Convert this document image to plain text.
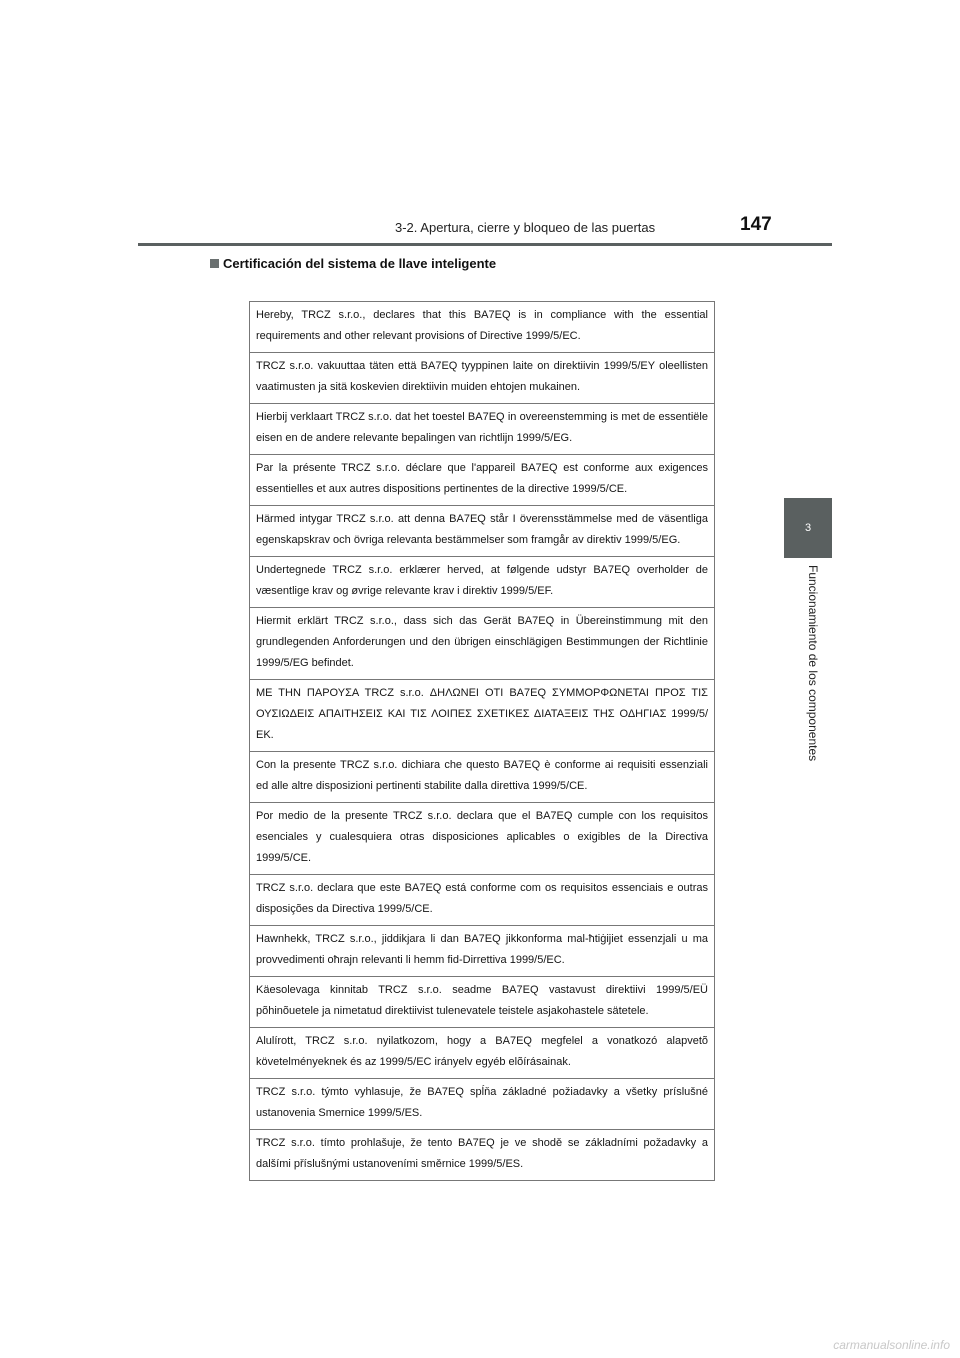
3-2. Apertura, cierre y bloqueo de las puertas	147
3
Funcionamiento de los componentes
Certificación del sistema de llave inteligente
Hereby, TRCZ s.r.o., declares that this BA7EQ is in compliance with the essential requirements and other relevant provisions of Directive 1999/5/EC.
TRCZ s.r.o. vakuuttaa täten että BA7EQ tyyppinen laite on direktiivin 1999/5/EY oleellisten vaatimusten ja sitä koskevien direktiivin muiden ehtojen mukainen.
Hierbij verklaart TRCZ s.r.o. dat het toestel BA7EQ in overeenstemming is met de essentiële eisen en de andere relevante bepalingen van richtlijn 1999/5/EG.
Par la présente TRCZ s.r.o. déclare que l'appareil BA7EQ est conforme aux exigences essentielles et aux autres dispositions pertinentes de la directive 1999/5/CE.
Härmed intygar TRCZ s.r.o. att denna BA7EQ står I överensstämmelse med de väsentliga egenskapskrav och övriga relevanta bestämmelser som framgår av direktiv 1999/5/EG.
Undertegnede TRCZ s.r.o. erklærer herved, at følgende udstyr BA7EQ overholder de væsentlige krav og øvrige relevante krav i direktiv 1999/5/EF.
Hiermit erklärt TRCZ s.r.o., dass sich das Gerät BA7EQ in Übereinstimmung mit den grundlegenden Anforderungen und den übrigen einschlägigen Bestimmungen der Richtlinie 1999/5/EG befindet.
ΜΕ ΤΗΝ ΠΑΡΟΥΣΑ TRCZ s.r.o. ΔΗΛΩΝΕΙ ΟΤΙ BA7EQ ΣΥΜΜΟΡΦΩΝΕΤΑΙ ΠΡΟΣ ΤΙΣ ΟΥΣΙΩΔΕΙΣ ΑΠΑΙΤΗΣΕΙΣ ΚΑΙ ΤΙΣ ΛΟΙΠΕΣ ΣΧΕΤΙΚΕΣ ΔΙΑΤΑΞΕΙΣ ΤΗΣ ΟΔΗΓΙΑΣ 1999/5/ΕΚ.
Con la presente TRCZ s.r.o. dichiara che questo BA7EQ è conforme ai requisiti essenziali ed alle altre disposizioni pertinenti stabilite dalla direttiva 1999/5/CE.
Por medio de la presente TRCZ s.r.o. declara que el BA7EQ cumple con los requisitos esenciales y cualesquiera otras disposiciones aplicables o exigibles de la Directiva 1999/5/CE.
TRCZ s.r.o. declara que este BA7EQ está conforme com os requisitos essenciais e outras disposições da Directiva 1999/5/CE.
Hawnhekk, TRCZ s.r.o., jiddikjara li dan BA7EQ jikkonforma mal-ħtiġijiet essenzjali u ma provvedimenti oħrajn relevanti li hemm fid-Dirrettiva 1999/5/EC.
Käesolevaga kinnitab TRCZ s.r.o. seadme BA7EQ vastavust direktiivi 1999/5/EÜ põhinõuetele ja nimetatud direktiivist tulenevatele teistele asjakohastele sätetele.
Alulírott, TRCZ s.r.o. nyilatkozom, hogy a BA7EQ megfelel a vonatkozó alapvetõ követelményeknek és az 1999/5/EC irányelv egyéb elõírásainak.
TRCZ s.r.o. týmto vyhlasuje, že BA7EQ spĺňa základné požiadavky a všetky príslušné ustanovenia Smernice 1999/5/ES.
TRCZ s.r.o. tímto prohlašuje, že tento BA7EQ je ve shodě se základními požadavky a dalšími příslušnými ustanoveními směrnice 1999/5/ES.
carmanualsonline.info
